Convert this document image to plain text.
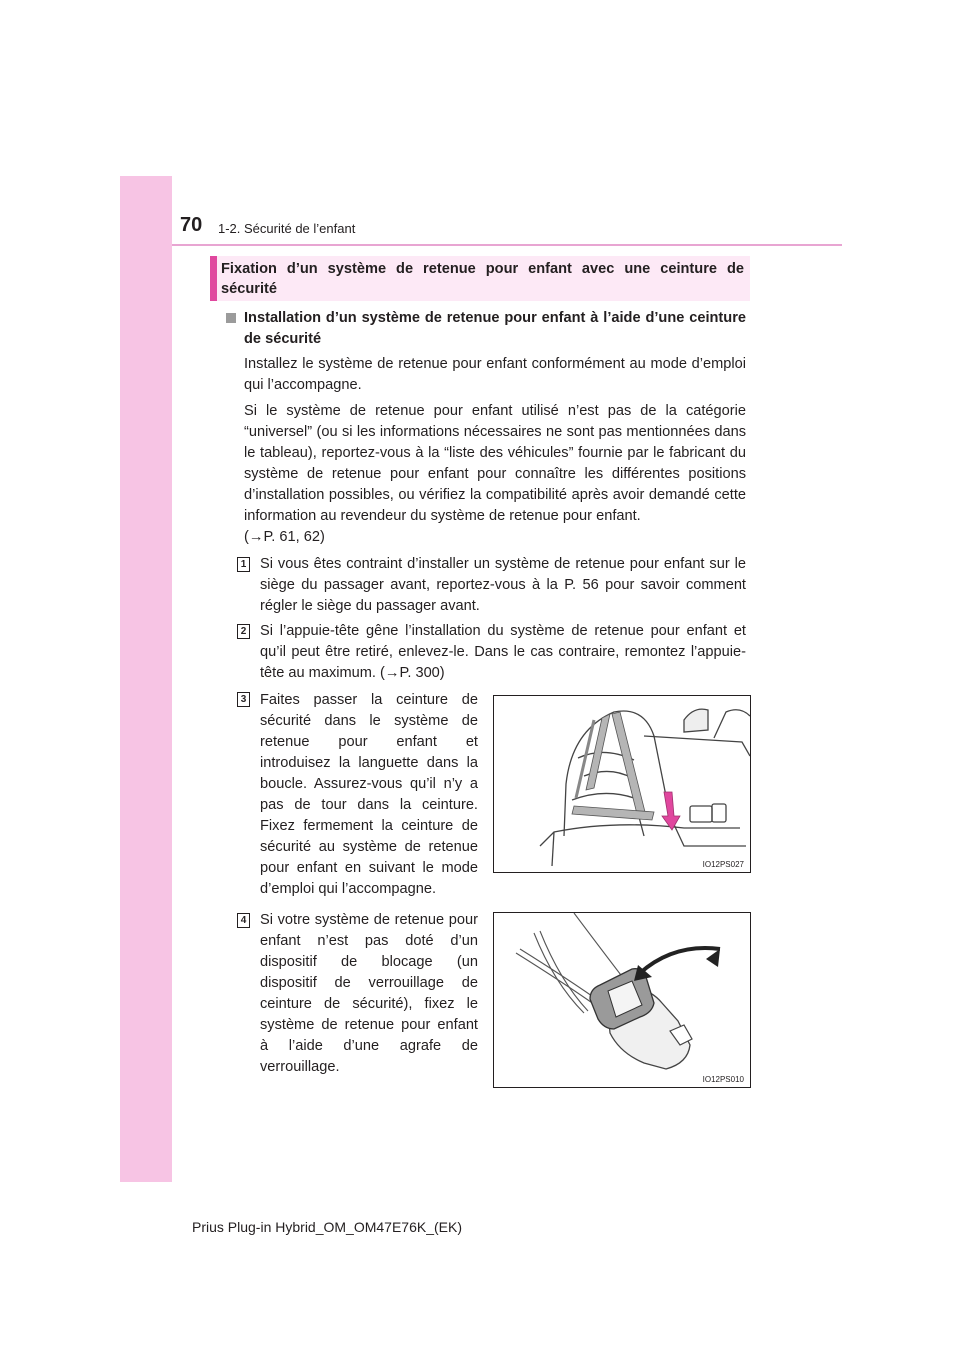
70 1-2. Sécurité de l’enfant
Fixation d’un système de retenue pour enfant avec une ceinture de sécurité
Installation d’un système de retenue pour enfant à l’aide d’une ceinture de sécurité
Installez le système de retenue pour enfant conformément au mode d’emploi qui l’accompagne.
Si le système de retenue pour enfant utilisé n’est pas de la catégorie “universel” (ou si les informations nécessaires ne sont pas mentionnées dans le tableau), reportez-vous à la “liste des véhicules” fournie par le fabricant du système de retenue pour enfant pour connaître les différentes positions d’installation possibles, ou vérifiez la compatibilité après avoir demandé cette information au revendeur du système de retenue pour enfant.
(→P. 61, 62)
1 Si vous êtes contraint d’installer un système de retenue pour enfant sur le siège du passager avant, reportez-vous à la P. 56 pour savoir comment régler le siège du passager avant.
2 Si l’appuie-tête gêne l’installation du système de retenue pour enfant et qu’il peut être retiré, enlevez-le. Dans le cas contraire, remontez l’appuie-tête au maximum. (→P. 300)
3 Faites passer la ceinture de sécurité dans le système de retenue pour enfant et introduisez la languette dans la boucle. Assurez-vous qu’il n’y a pas de tour dans la ceinture. Fixez fermement la ceinture de sécurité au système de retenue pour enfant en suivant le mode d’emploi qui l’accompagne.
IO12PS027
4 Si votre système de retenue pour enfant n’est pas doté d’un dispositif de blocage (un dispositif de verrouillage de ceinture de sécurité), fixez le système de retenue pour enfant à l’aide d’une agrafe de verrouillage.
IO12PS010
Prius Plug-in Hybrid_OM_OM47E76K_(EK)
